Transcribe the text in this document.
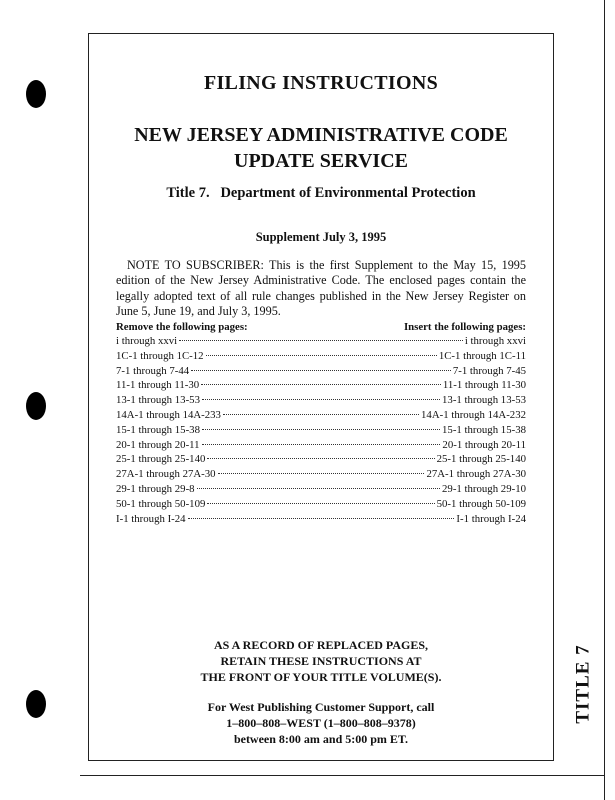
FILING INSTRUCTIONS
NEW JERSEY ADMINISTRATIVE CODE
UPDATE SERVICE
Title 7.   Department of Environmental Protection
Supplement July 3, 1995
NOTE TO SUBSCRIBER: This is the first Supplement to the May 15, 1995 edition of the New Jersey Administrative Code. The enclosed pages contain the legally adopted text of all rule changes published in the New Jersey Register on June 5, June 19, and July 3, 1995.
Remove the following pages:	Insert the following pages:
i through xxvi	i through xxvi
1C-1 through 1C-12	1C-1 through 1C-11
7-1 through 7-44	7-1 through 7-45
11-1 through 11-30	11-1 through 11-30
13-1 through 13-53	13-1 through 13-53
14A-1 through 14A-233	14A-1 through 14A-232
15-1 through 15-38	15-1 through 15-38
20-1 through 20-11	20-1 through 20-11
25-1 through 25-140	25-1 through 25-140
27A-1 through 27A-30	27A-1 through 27A-30
29-1 through 29-8	29-1 through 29-10
50-1 through 50-109	50-1 through 50-109
I-1 through I-24	I-1 through I-24
AS A RECORD OF REPLACED PAGES,
RETAIN THESE INSTRUCTIONS AT
THE FRONT OF YOUR TITLE VOLUME(S).
For West Publishing Customer Support, call
1–800–808–WEST (1–800–808–9378)
between 8:00 am and 5:00 pm ET.
TITLE 7
